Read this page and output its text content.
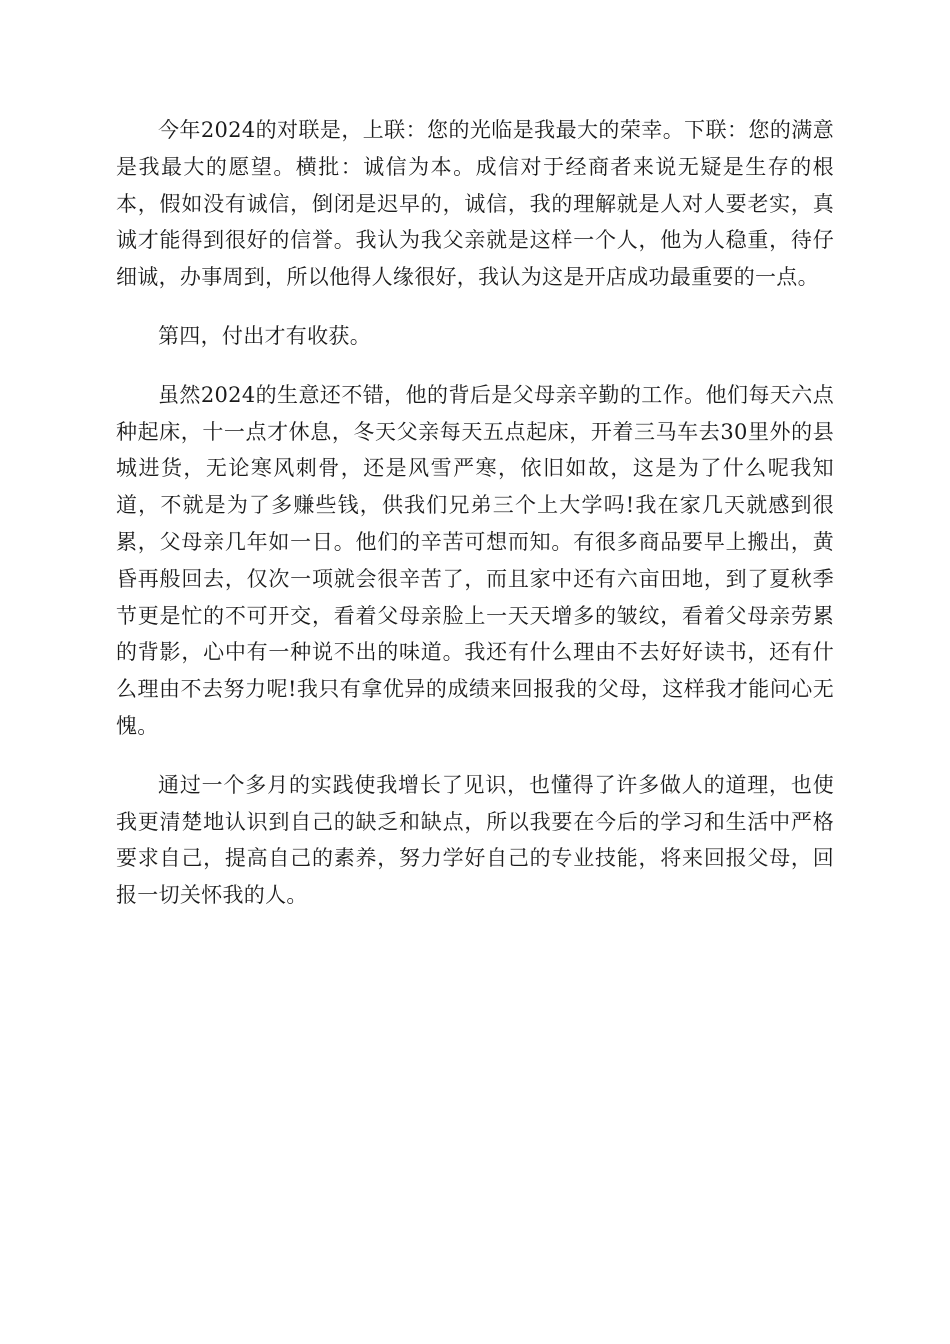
今年2024的对联是，上联：您的光临是我最大的荣幸。下联：您的满意是我最大的愿望。横批：诚信为本。成信对于经商者来说无疑是生存的根本，假如没有诚信，倒闭是迟早的，诚信，我的理解就是人对人要老实，真诚才能得到很好的信誉。我认为我父亲就是这样一个人，他为人稳重，待仔细诚，办事周到，所以他得人缘很好，我认为这是开店成功最重要的一点。

第四，付出才有收获。

虽然2024的生意还不错，他的背后是父母亲辛勤的工作。他们每天六点种起床，十一点才休息，冬天父亲每天五点起床，开着三马车去30里外的县城进货，无论寒风刺骨，还是风雪严寒，依旧如故，这是为了什么呢我知道，不就是为了多赚些钱，供我们兄弟三个上大学吗!我在家几天就感到很累，父母亲几年如一日。他们的辛苦可想而知。有很多商品要早上搬出，黄昏再般回去，仅次一项就会很辛苦了，而且家中还有六亩田地，到了夏秋季节更是忙的不可开交，看着父母亲脸上一天天增多的皱纹，看着父母亲劳累的背影，心中有一种说不出的味道。我还有什么理由不去好好读书，还有什么理由不去努力呢!我只有拿优异的成绩来回报我的父母，这样我才能问心无愧。

通过一个多月的实践使我增长了见识，也懂得了许多做人的道理，也使我更清楚地认识到自己的缺乏和缺点，所以我要在今后的学习和生活中严格要求自己，提高自己的素养，努力学好自己的专业技能，将来回报父母，回报一切关怀我的人。
